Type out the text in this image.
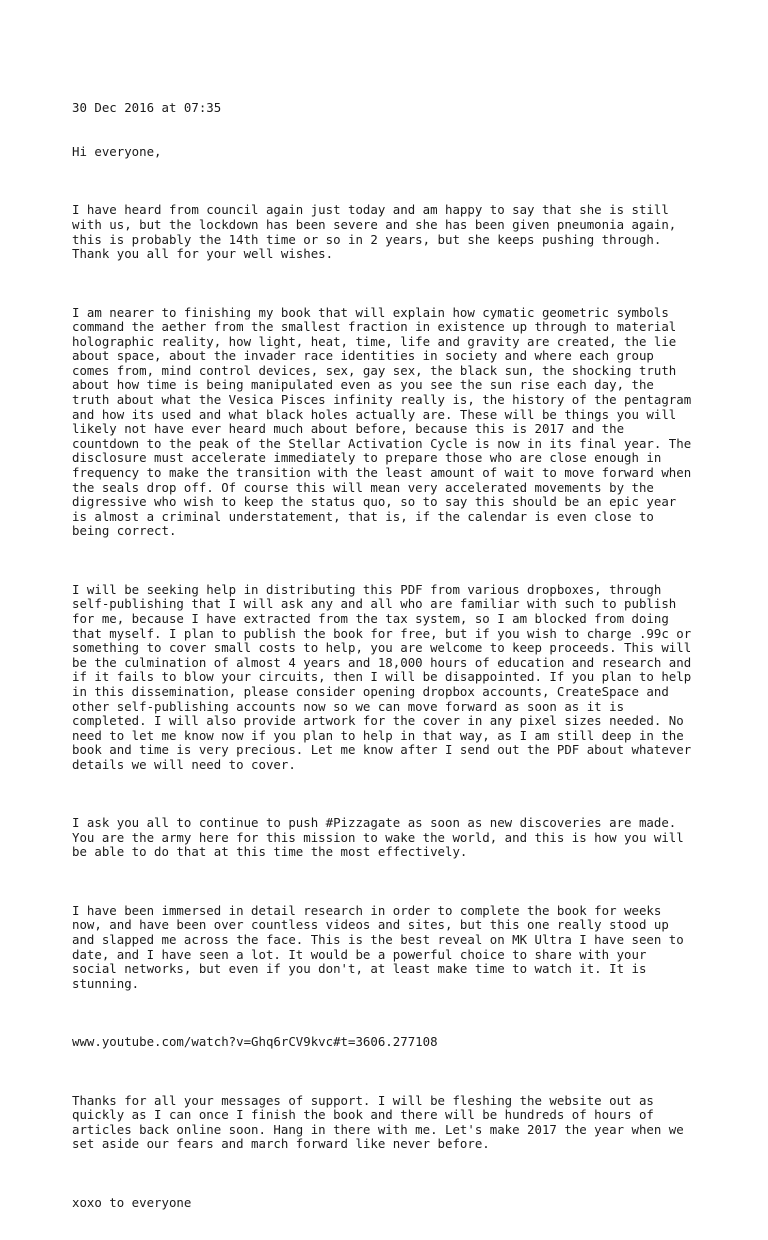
30 Dec 2016 at 07:35

Hi everyone,

I have heard from council again just today and am happy to say that she is still
with us, but the lockdown has been severe and she has been given pneumonia again,
this is probably the 14th time or so in 2 years, but she keeps pushing through.
Thank you all for your well wishes.

I am nearer to finishing my book that will explain how cymatic geometric symbols
command the aether from the smallest fraction in existence up through to material
holographic reality, how light, heat, time, life and gravity are created, the lie
about space, about the invader race identities in society and where each group
comes from, mind control devices, sex, gay sex, the black sun, the shocking truth
about how time is being manipulated even as you see the sun rise each day, the
truth about what the Vesica Pisces infinity really is, the history of the pentagram
and how its used and what black holes actually are. These will be things you will
likely not have ever heard much about before, because this is 2017 and the
countdown to the peak of the Stellar Activation Cycle is now in its final year. The
disclosure must accelerate immediately to prepare those who are close enough in
frequency to make the transition with the least amount of wait to move forward when
the seals drop off. Of course this will mean very accelerated movements by the
digressive who wish to keep the status quo, so to say this should be an epic year
is almost a criminal understatement, that is, if the calendar is even close to
being correct.

I will be seeking help in distributing this PDF from various dropboxes, through
self-publishing that I will ask any and all who are familiar with such to publish
for me, because I have extracted from the tax system, so I am blocked from doing
that myself. I plan to publish the book for free, but if you wish to charge .99c or
something to cover small costs to help, you are welcome to keep proceeds. This will
be the culmination of almost 4 years and 18,000 hours of education and research and
if it fails to blow your circuits, then I will be disappointed. If you plan to help
in this dissemination, please consider opening dropbox accounts, CreateSpace and
other self-publishing accounts now so we can move forward as soon as it is
completed. I will also provide artwork for the cover in any pixel sizes needed. No
need to let me know now if you plan to help in that way, as I am still deep in the
book and time is very precious. Let me know after I send out the PDF about whatever
details we will need to cover.

I ask you all to continue to push #Pizzagate as soon as new discoveries are made.
You are the army here for this mission to wake the world, and this is how you will
be able to do that at this time the most effectively.

I have been immersed in detail research in order to complete the book for weeks
now, and have been over countless videos and sites, but this one really stood up
and slapped me across the face. This is the best reveal on MK Ultra I have seen to
date, and I have seen a lot. It would be a powerful choice to share with your
social networks, but even if you don't, at least make time to watch it. It is
stunning.

www.youtube.com/watch?v=Ghq6rCV9kvc#t=3606.277108

Thanks for all your messages of support. I will be fleshing the website out as
quickly as I can once I finish the book and there will be hundreds of hours of
articles back online soon. Hang in there with me. Let's make 2017 the year when we
set aside our fears and march forward like never before.

xoxo to everyone
